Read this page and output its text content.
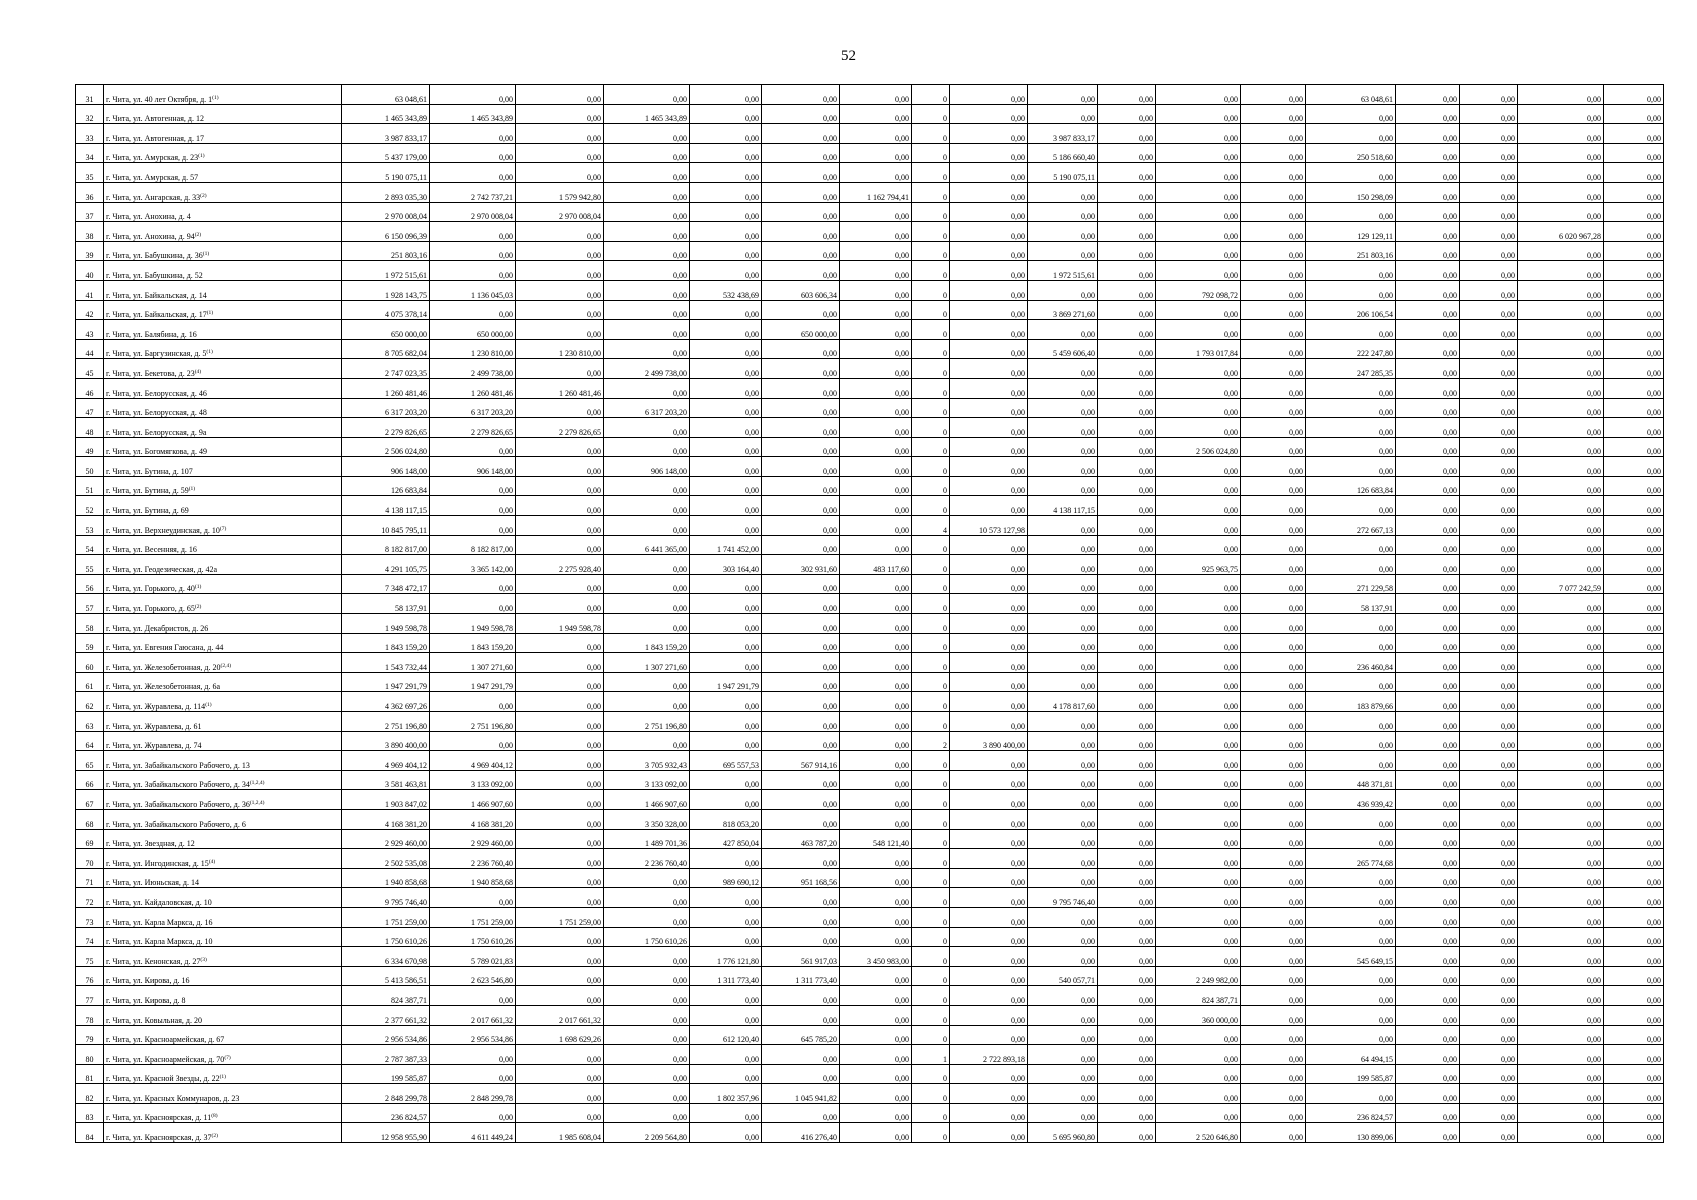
52
31	г. Чита, ул. 40 лет Октября, д. 1$^{(1)}$	63 048,61	0,00	0,00	0,00	0,00	0,00	0,00	0	0,00	0,00	0,00	0,00	0,00	63 048,61	0,00	0,00	0,00	0,00
32	г. Чита, ул. Автогенная, д. 12	1 465 343,89	1 465 343,89	0,00	1 465 343,89	0,00	0,00	0,00	0	0,00	0,00	0,00	0,00	0,00	0,00	0,00	0,00	0,00	0,00
33	г. Чита, ул. Автогенная, д. 17	3 987 833,17	0,00	0,00	0,00	0,00	0,00	0,00	0	0,00	3 987 833,17	0,00	0,00	0,00	0,00	0,00	0,00	0,00	0,00
34	г. Чита, ул. Амурская, д. 23$^{(1)}$	5 437 179,00	0,00	0,00	0,00	0,00	0,00	0,00	0	0,00	5 186 660,40	0,00	0,00	0,00	250 518,60	0,00	0,00	0,00	0,00
35	г. Чита, ул. Амурская, д. 57	5 190 075,11	0,00	0,00	0,00	0,00	0,00	0,00	0	0,00	5 190 075,11	0,00	0,00	0,00	0,00	0,00	0,00	0,00	0,00
36	г. Чита, ул. Ангарская, д. 33$^{(2)}$	2 893 035,30	2 742 737,21	1 579 942,80	0,00	0,00	0,00	1 162 794,41	0	0,00	0,00	0,00	0,00	0,00	150 298,09	0,00	0,00	0,00	0,00
37	г. Чита, ул. Анохина, д. 4	2 970 008,04	2 970 008,04	2 970 008,04	0,00	0,00	0,00	0,00	0	0,00	0,00	0,00	0,00	0,00	0,00	0,00	0,00	0,00	0,00
38	г. Чита, ул. Анохина, д. 94$^{(2)}$	6 150 096,39	0,00	0,00	0,00	0,00	0,00	0,00	0	0,00	0,00	0,00	0,00	0,00	129 129,11	0,00	0,00	6 020 967,28	0,00
39	г. Чита, ул. Бабушкина, д. 36$^{(1)}$	251 803,16	0,00	0,00	0,00	0,00	0,00	0,00	0	0,00	0,00	0,00	0,00	0,00	251 803,16	0,00	0,00	0,00	0,00
40	г. Чита, ул. Бабушкина, д. 52	1 972 515,61	0,00	0,00	0,00	0,00	0,00	0,00	0	0,00	1 972 515,61	0,00	0,00	0,00	0,00	0,00	0,00	0,00	0,00
41	г. Чита, ул. Байкальская, д. 14	1 928 143,75	1 136 045,03	0,00	0,00	532 438,69	603 606,34	0,00	0	0,00	0,00	0,00	792 098,72	0,00	0,00	0,00	0,00	0,00	0,00
42	г. Чита, ул. Байкальская, д. 17$^{(1)}$	4 075 378,14	0,00	0,00	0,00	0,00	0,00	0,00	0	0,00	3 869 271,60	0,00	0,00	0,00	206 106,54	0,00	0,00	0,00	0,00
43	г. Чита, ул. Балябина, д. 16	650 000,00	650 000,00	0,00	0,00	0,00	650 000,00	0,00	0	0,00	0,00	0,00	0,00	0,00	0,00	0,00	0,00	0,00	0,00
44	г. Чита, ул. Баргузинская, д. 5$^{(1)}$	8 705 682,04	1 230 810,00	1 230 810,00	0,00	0,00	0,00	0,00	0	0,00	5 459 606,40	0,00	1 793 017,84	0,00	222 247,80	0,00	0,00	0,00	0,00
45	г. Чита, ул. Бекетова, д. 23$^{(4)}$	2 747 023,35	2 499 738,00	0,00	2 499 738,00	0,00	0,00	0,00	0	0,00	0,00	0,00	0,00	0,00	247 285,35	0,00	0,00	0,00	0,00
46	г. Чита, ул. Белорусская, д. 46	1 260 481,46	1 260 481,46	1 260 481,46	0,00	0,00	0,00	0,00	0	0,00	0,00	0,00	0,00	0,00	0,00	0,00	0,00	0,00	0,00
47	г. Чита, ул. Белорусская, д. 48	6 317 203,20	6 317 203,20	0,00	6 317 203,20	0,00	0,00	0,00	0	0,00	0,00	0,00	0,00	0,00	0,00	0,00	0,00	0,00	0,00
48	г. Чита, ул. Белорусская, д. 9а	2 279 826,65	2 279 826,65	2 279 826,65	0,00	0,00	0,00	0,00	0	0,00	0,00	0,00	0,00	0,00	0,00	0,00	0,00	0,00	0,00
49	г. Чита, ул. Богомягкова, д. 49	2 506 024,80	0,00	0,00	0,00	0,00	0,00	0,00	0	0,00	0,00	0,00	2 506 024,80	0,00	0,00	0,00	0,00	0,00	0,00
50	г. Чита, ул. Бутина, д. 107	906 148,00	906 148,00	0,00	906 148,00	0,00	0,00	0,00	0	0,00	0,00	0,00	0,00	0,00	0,00	0,00	0,00	0,00	0,00
51	г. Чита, ул. Бутина, д. 59$^{(1)}$	126 683,84	0,00	0,00	0,00	0,00	0,00	0,00	0	0,00	0,00	0,00	0,00	0,00	126 683,84	0,00	0,00	0,00	0,00
52	г. Чита, ул. Бутина, д. 69	4 138 117,15	0,00	0,00	0,00	0,00	0,00	0,00	0	0,00	4 138 117,15	0,00	0,00	0,00	0,00	0,00	0,00	0,00	0,00
53	г. Чита, ул. Верхнеудинская, д. 10$^{(7)}$	10 845 795,11	0,00	0,00	0,00	0,00	0,00	0,00	4	10 573 127,98	0,00	0,00	0,00	0,00	272 667,13	0,00	0,00	0,00	0,00
54	г. Чита, ул. Весенняя, д. 16	8 182 817,00	8 182 817,00	0,00	6 441 365,00	1 741 452,00	0,00	0,00	0	0,00	0,00	0,00	0,00	0,00	0,00	0,00	0,00	0,00	0,00
55	г. Чита, ул. Геодезическая, д. 42а	4 291 105,75	3 365 142,00	2 275 928,40	0,00	303 164,40	302 931,60	483 117,60	0	0,00	0,00	0,00	925 963,75	0,00	0,00	0,00	0,00	0,00	0,00
56	г. Чита, ул. Горького, д. 40$^{(1)}$	7 348 472,17	0,00	0,00	0,00	0,00	0,00	0,00	0	0,00	0,00	0,00	0,00	0,00	271 229,58	0,00	0,00	7 077 242,59	0,00
57	г. Чита, ул. Горького, д. 65$^{(2)}$	58 137,91	0,00	0,00	0,00	0,00	0,00	0,00	0	0,00	0,00	0,00	0,00	0,00	58 137,91	0,00	0,00	0,00	0,00
58	г. Чита, ул. Декабристов, д. 26	1 949 598,78	1 949 598,78	1 949 598,78	0,00	0,00	0,00	0,00	0	0,00	0,00	0,00	0,00	0,00	0,00	0,00	0,00	0,00	0,00
59	г. Чита, ул. Евгения Гаюсана, д. 44	1 843 159,20	1 843 159,20	0,00	1 843 159,20	0,00	0,00	0,00	0	0,00	0,00	0,00	0,00	0,00	0,00	0,00	0,00	0,00	0,00
60	г. Чита, ул. Железобетонная, д. 20$^{(2,4)}$	1 543 732,44	1 307 271,60	0,00	1 307 271,60	0,00	0,00	0,00	0	0,00	0,00	0,00	0,00	0,00	236 460,84	0,00	0,00	0,00	0,00
61	г. Чита, ул. Железобетонная, д. 6а	1 947 291,79	1 947 291,79	0,00	0,00	1 947 291,79	0,00	0,00	0	0,00	0,00	0,00	0,00	0,00	0,00	0,00	0,00	0,00	0,00
62	г. Чита, ул. Журавлева, д. 114$^{(1)}$	4 362 697,26	0,00	0,00	0,00	0,00	0,00	0,00	0	0,00	4 178 817,60	0,00	0,00	0,00	183 879,66	0,00	0,00	0,00	0,00
63	г. Чита, ул. Журавлева, д. 61	2 751 196,80	2 751 196,80	0,00	2 751 196,80	0,00	0,00	0,00	0	0,00	0,00	0,00	0,00	0,00	0,00	0,00	0,00	0,00	0,00
64	г. Чита, ул. Журавлева, д. 74	3 890 400,00	0,00	0,00	0,00	0,00	0,00	0,00	2	3 890 400,00	0,00	0,00	0,00	0,00	0,00	0,00	0,00	0,00	0,00
65	г. Чита, ул. Забайкальского Рабочего, д. 13	4 969 404,12	4 969 404,12	0,00	3 705 932,43	695 557,53	567 914,16	0,00	0	0,00	0,00	0,00	0,00	0,00	0,00	0,00	0,00	0,00	0,00
66	г. Чита, ул. Забайкальского Рабочего, д. 34$^{(1,2,4)}$	3 581 463,81	3 133 092,00	0,00	3 133 092,00	0,00	0,00	0,00	0	0,00	0,00	0,00	0,00	0,00	448 371,81	0,00	0,00	0,00	0,00
67	г. Чита, ул. Забайкальского Рабочего, д. 36$^{(1,2,4)}$	1 903 847,02	1 466 907,60	0,00	1 466 907,60	0,00	0,00	0,00	0	0,00	0,00	0,00	0,00	0,00	436 939,42	0,00	0,00	0,00	0,00
68	г. Чита, ул. Забайкальского Рабочего, д. 6	4 168 381,20	4 168 381,20	0,00	3 350 328,00	818 053,20	0,00	0,00	0	0,00	0,00	0,00	0,00	0,00	0,00	0,00	0,00	0,00	0,00
69	г. Чита, ул. Звездная, д. 12	2 929 460,00	2 929 460,00	0,00	1 489 701,36	427 850,04	463 787,20	548 121,40	0	0,00	0,00	0,00	0,00	0,00	0,00	0,00	0,00	0,00	0,00
70	г. Чита, ул. Ингодинская, д. 15$^{(4)}$	2 502 535,08	2 236 760,40	0,00	2 236 760,40	0,00	0,00	0,00	0	0,00	0,00	0,00	0,00	0,00	265 774,68	0,00	0,00	0,00	0,00
71	г. Чита, ул. Июньская, д. 14	1 940 858,68	1 940 858,68	0,00	0,00	989 690,12	951 168,56	0,00	0	0,00	0,00	0,00	0,00	0,00	0,00	0,00	0,00	0,00	0,00
72	г. Чита, ул. Кайдаловская, д. 10	9 795 746,40	0,00	0,00	0,00	0,00	0,00	0,00	0	0,00	9 795 746,40	0,00	0,00	0,00	0,00	0,00	0,00	0,00	0,00
73	г. Чита, ул. Карла Маркса, д. 16	1 751 259,00	1 751 259,00	1 751 259,00	0,00	0,00	0,00	0,00	0	0,00	0,00	0,00	0,00	0,00	0,00	0,00	0,00	0,00	0,00
74	г. Чита, ул. Карла Маркса, д. 10	1 750 610,26	1 750 610,26	0,00	1 750 610,26	0,00	0,00	0,00	0	0,00	0,00	0,00	0,00	0,00	0,00	0,00	0,00	0,00	0,00
75	г. Чита, ул. Кенонская, д. 27$^{(3)}$	6 334 670,98	5 789 021,83	0,00	0,00	1 776 121,80	561 917,03	3 450 983,00	0	0,00	0,00	0,00	0,00	0,00	545 649,15	0,00	0,00	0,00	0,00
76	г. Чита, ул. Кирова, д. 16	5 413 586,51	2 623 546,80	0,00	0,00	1 311 773,40	1 311 773,40	0,00	0	0,00	540 057,71	0,00	2 249 982,00	0,00	0,00	0,00	0,00	0,00	0,00
77	г. Чита, ул. Кирова, д. 8	824 387,71	0,00	0,00	0,00	0,00	0,00	0,00	0	0,00	0,00	0,00	824 387,71	0,00	0,00	0,00	0,00	0,00	0,00
78	г. Чита, ул. Ковыльная, д. 20	2 377 661,32	2 017 661,32	2 017 661,32	0,00	0,00	0,00	0,00	0	0,00	0,00	0,00	360 000,00	0,00	0,00	0,00	0,00	0,00	0,00
79	г. Чита, ул. Красноармейская, д. 67	2 956 534,86	2 956 534,86	1 698 629,26	0,00	612 120,40	645 785,20	0,00	0	0,00	0,00	0,00	0,00	0,00	0,00	0,00	0,00	0,00	0,00
80	г. Чита, ул. Красноармейская, д. 70$^{(7)}$	2 787 387,33	0,00	0,00	0,00	0,00	0,00	0,00	1	2 722 893,18	0,00	0,00	0,00	0,00	64 494,15	0,00	0,00	0,00	0,00
81	г. Чита, ул. Красной Звезды, д. 22$^{(1)}$	199 585,87	0,00	0,00	0,00	0,00	0,00	0,00	0	0,00	0,00	0,00	0,00	0,00	199 585,87	0,00	0,00	0,00	0,00
82	г. Чита, ул. Красных Коммунаров, д. 23	2 848 299,78	2 848 299,78	0,00	0,00	1 802 357,96	1 045 941,82	0,00	0	0,00	0,00	0,00	0,00	0,00	0,00	0,00	0,00	0,00	0,00
83	г. Чита, ул. Красноярская, д. 11$^{(8)}$	236 824,57	0,00	0,00	0,00	0,00	0,00	0,00	0	0,00	0,00	0,00	0,00	0,00	236 824,57	0,00	0,00	0,00	0,00
84	г. Чита, ул. Красноярская, д. 37$^{(2)}$	12 958 955,90	4 611 449,24	1 985 608,04	2 209 564,80	0,00	416 276,40	0,00	0	0,00	5 695 960,80	0,00	2 520 646,80	0,00	130 899,06	0,00	0,00	0,00	0,00
